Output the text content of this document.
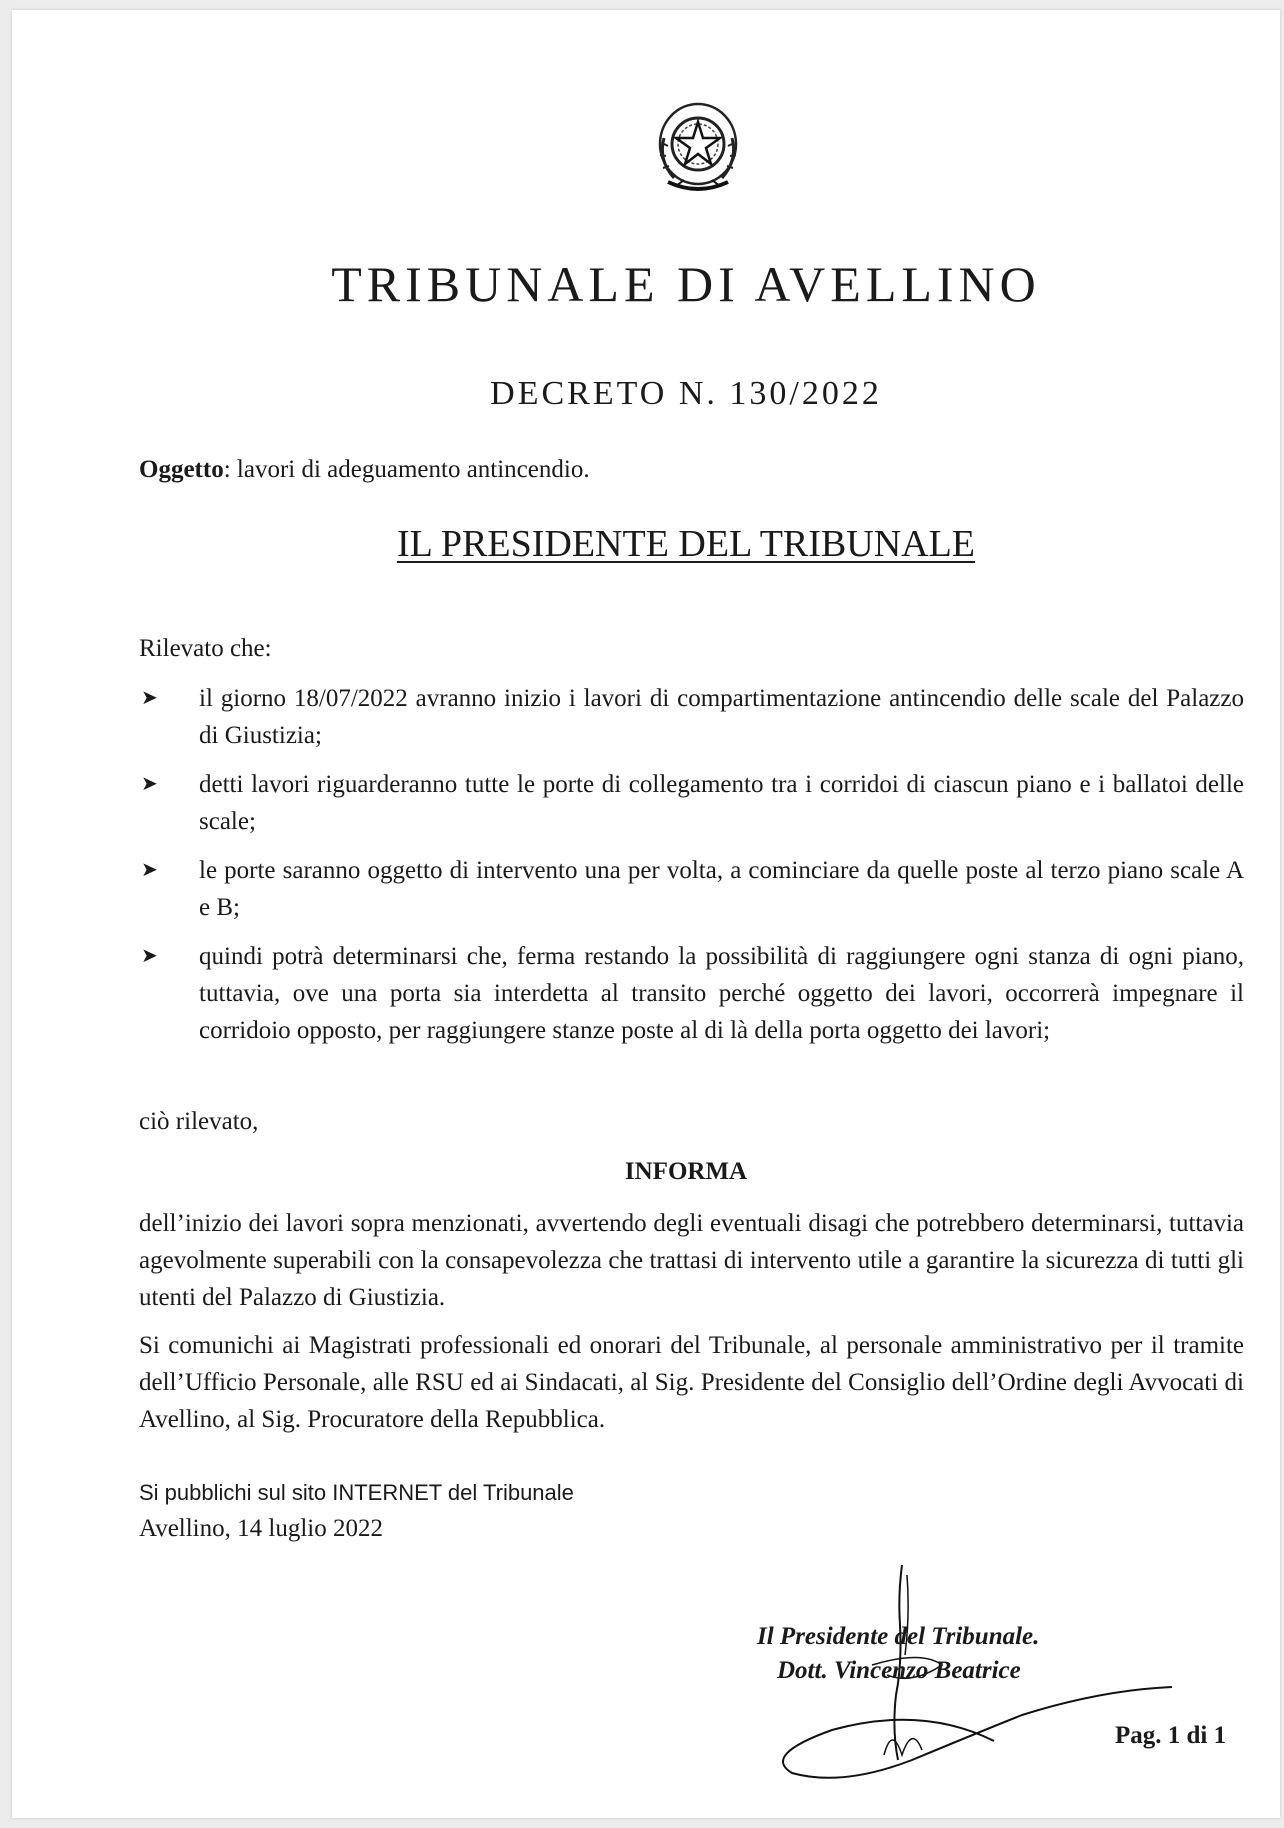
TRIBUNALE DI AVELLINO
DECRETO N. 130/2022
Oggetto: lavori di adeguamento antincendio.
IL PRESIDENTE DEL TRIBUNALE
Rilevato che:
➤ il giorno 18/07/2022 avranno inizio i lavori di compartimentazione antincendio delle scale del Palazzo di Giustizia;
➤ detti lavori riguarderanno tutte le porte di collegamento tra i corridoi di ciascun piano e i ballatoi delle scale;
➤ le porte saranno oggetto di intervento una per volta, a cominciare da quelle poste al terzo piano scale A e B;
➤ quindi potrà determinarsi che, ferma restando la possibilità di raggiungere ogni stanza di ogni piano, tuttavia, ove una porta sia interdetta al transito perché oggetto dei lavori, occorrerà impegnare il corridoio opposto, per raggiungere stanze poste al di là della porta oggetto dei lavori;
ciò rilevato,
INFORMA
dell’inizio dei lavori sopra menzionati, avvertendo degli eventuali disagi che potrebbero determinarsi, tuttavia agevolmente superabili con la consapevolezza che trattasi di intervento utile a garantire la sicurezza di tutti gli utenti del Palazzo di Giustizia.
Si comunichi ai Magistrati professionali ed onorari del Tribunale, al personale amministrativo per il tramite dell’Ufficio Personale, alle RSU ed ai Sindacati, al Sig. Presidente del Consiglio dell’Ordine degli Avvocati di Avellino, al Sig. Procuratore della Repubblica.
Si pubblichi sul sito INTERNET del Tribunale
Avellino, 14 luglio 2022
Il Presidente del Tribunale.
Dott. Vincenzo Beatrice
Pag. 1 di 1
